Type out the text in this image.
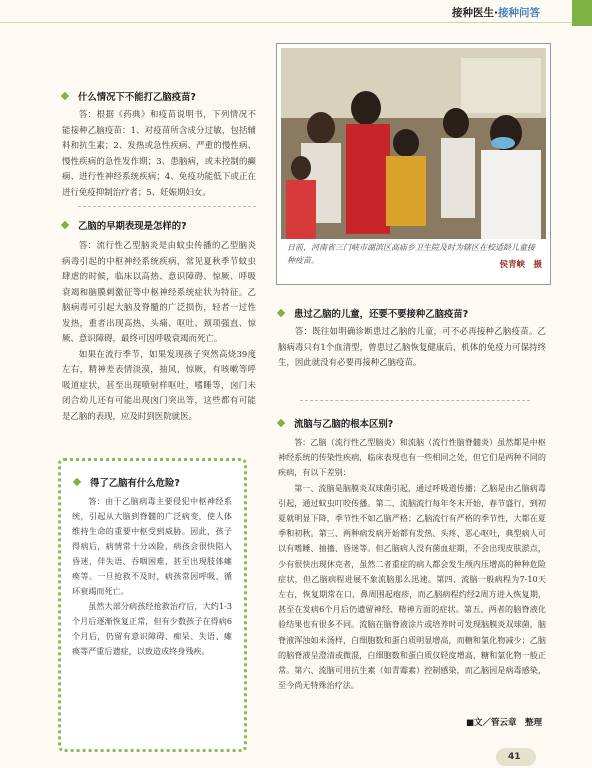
接种医生·接种问答
什么情况下不能打乙脑疫苗?

答：根据《药典》和疫苗说明书，下列情况不能接种乙脑疫苗：1、对疫苗所含成分过敏，包括辅料和抗生素；2、发热或急性疾病、严重的慢性病、慢性疾病的急性发作期；3、患脑病，或未控制的癫痫、进行性神经系统疾病；4、免疫功能低下或正在进行免疫抑制治疗者；5、妊娠期妇女。

乙脑的早期表现是怎样的?

答：流行性乙型脑炎是由蚊虫传播的乙型脑炎病毒引起的中枢神经系统疾病，常见夏秋季节蚊虫肆虐的时候，临床以高热、意识障碍、惊厥、呼吸衰竭和脑膜刺激征等中枢神经系统症状为特征。乙脑病毒可引起大脑及脊髓的广泛损伤，轻者一过性发热，重者出现高热、头痛、呕吐、颈项强直、惊厥、意识障碍，最终可因呼吸衰竭而死亡。

如果在流行季节，如果发现孩子突然高烧39度左右，精神差表情淡漠，抽风，惊厥，有咳嗽等呼吸道症状，甚至出现喷射样呕吐，嗜睡等，囟门未闭合幼儿还有可能出现囟门突出等，这些都有可能是乙脑的表现，应及时到医院就医。

得了乙脑有什么危险?

答：由于乙脑病毒主要侵犯中枢神经系统，引起从大脑到脊髓的广泛病变，使人体维持生命的重要中枢受到威胁。因此，孩子得病后，病情常十分凶险，病孩会很快陷入昏迷，伴失语、吞咽困难，甚至出现肢体瘫痪等。一旦抢救不及时，病孩常因呼吸、循环衰竭而死亡。

虽然大部分病孩经抢救治疗后，大约1-3个月后逐渐恢复正常，但有少数孩子在得病6个月后，仍留有意识障碍、痴呆、失语、瘫痪等严重后遗症，以致造成终身残疾。

日前，河南省三门峡市湖滨区高庙乡卫生院及时为辖区在校适龄儿童接种疫苗。	侯青峡　摄
患过乙脑的儿童，还要不要接种乙脑疫苗?

答：既往如明确诊断患过乙脑的儿童，可不必再接种乙脑疫苗。乙脑病毒只有1个血清型，曾患过乙脑恢复健康后，机体的免疫力可保持终生，因此就没有必要再接种乙脑疫苗。

流脑与乙脑的根本区别?

答：乙脑（流行性乙型脑炎）和流脑（流行性脑脊髓炎）虽然都是中枢神经系统的传染性疾病，临床表现也有一些相同之处，但它们是两种不同的疾病，有以下差别：

第一、流脑是脑膜炎双球菌引起，通过呼吸道传播；乙脑是由乙脑病毒引起，通过蚊虫叮咬传播。第二、流脑流行每年冬末开始，春节盛行，到初夏就明显下降，季节性不如乙脑严格；乙脑流行有严格的季节性，大都在夏季和初秋。第三、两种病发病开始都有发热、头疼、恶心呕吐，典型病人可以有嗜睡、抽搐、昏迷等。但乙脑病人没有菌血症期，不会出现皮肤淤点，少有很快出现休克者，虽然二者重症的病人都会发生颅内压增高的种种危险症状，但乙脑病程进展不象流脑那么迅速。第四、流脑一般病程为7-10天左右，恢复期常在口、鼻周围起疱疹，而乙脑病程约经2周方进入恢复期，甚至在发病6个月后仍遗留神经、精神方面的症状。第五、两者的脑脊液化验结果也有很多不同。流脑在脑脊液涂片或培养时可发现脑膜炎双球菌，脑脊液浑浊如米汤样，白细胞数和蛋白质明显增高，而糖和氯化物减少；乙脑的脑脊液呈澄清或微混，白细胞数和蛋白质仅轻度增高，糖和氯化物一般正常。第六、流脑可用抗生素（如青霉素）控制感染，而乙脑因是病毒感染，至今尚无特殊治疗法。

■文／管云章　整理
41
